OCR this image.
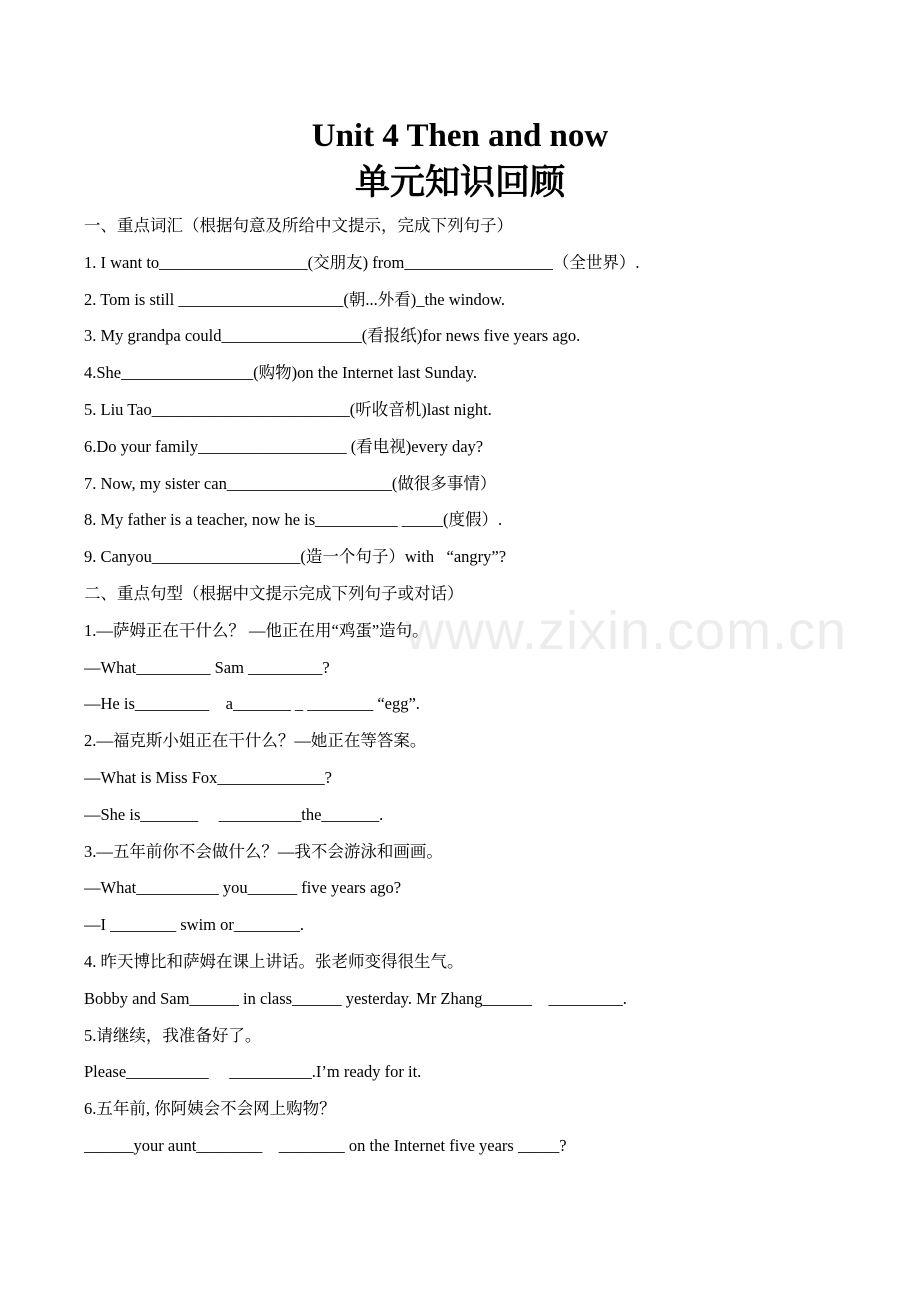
Unit 4 Then and now
单元知识回顾
一、重点词汇（根据句意及所给中文提示，完成下列句子）
1. I want to__________________(交朋友) from__________________（全世界）.
2. Tom is still ____________________(朝...外看)_the window.
3. My grandpa could_________________(看报纸)for news five years ago.
4.She________________(购物)on the Internet last Sunday.
5. Liu Tao________________________(听收音机)last night.
6.Do your family__________________ (看电视)every day?
7. Now, my sister can____________________(做很多事情）
8. My father is a teacher, now he is__________ _____(度假）.
9. Canyou__________________(造一个句子）with   “angry”?
二、重点句型（根据中文提示完成下列句子或对话）
1.—萨姆正在干什么？ —他正在用“鸡蛋”造句。
—What_________ Sam _________?
—He is_________    a_______ _ ________ “egg”.
2.—福克斯小姐正在干什么？—她正在等答案。
—What is Miss Fox_____________?
—She is_______     __________the_______.
3.—五年前你不会做什么？—我不会游泳和画画。
—What__________ you______ five years ago?
—I ________ swim or________.
4. 昨天博比和萨姆在课上讲话。张老师变得很生气。
Bobby and Sam______ in class______ yesterday. Mr Zhang______    _________.
5.请继续，我准备好了。
Please__________     __________.I’m ready for it.
6.五年前, 你阿姨会不会网上购物？
______your aunt________    ________ on the Internet five years _____?
www.zixin.com.cn
